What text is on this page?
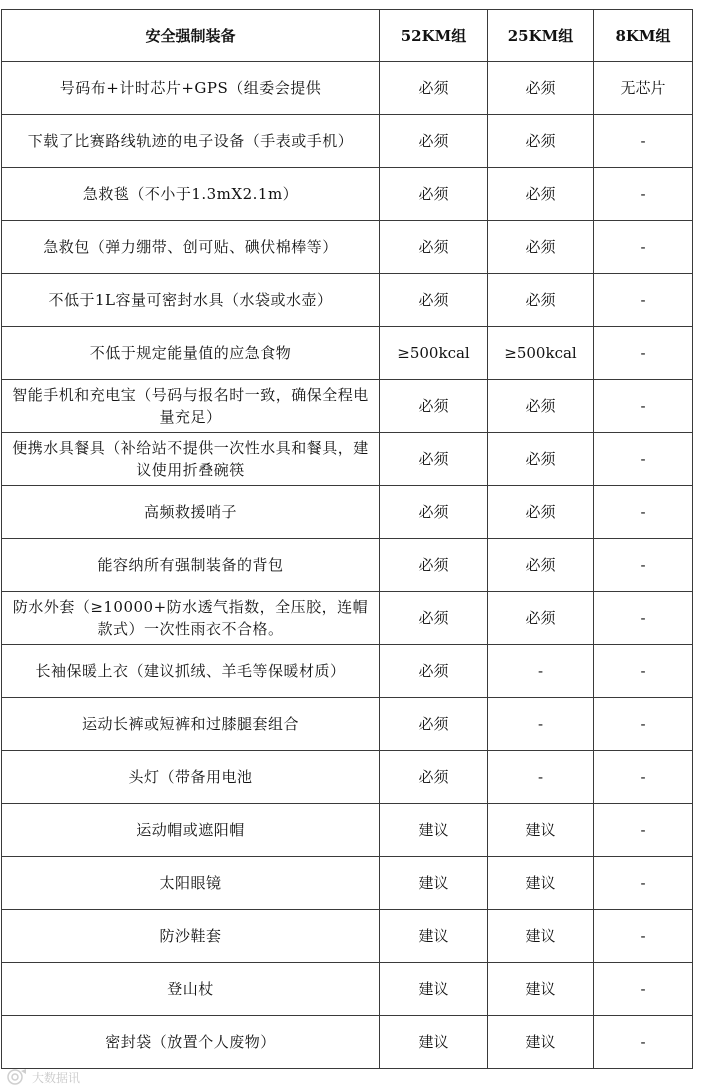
安全强制装备	52KM组	25KM组	8KM组
号码布+计时芯片+GPS（组委会提供	必须	必须	无芯片
下载了比赛路线轨迹的电子设备（手表或手机）	必须	必须	-
急救毯（不小于1.3mX2.1m）	必须	必须	-
急救包（弹力绷带、创可贴、碘伏棉棒等）	必须	必须	-
不低于1L容量可密封水具（水袋或水壶）	必须	必须	-
不低于规定能量值的应急食物	≥500kcal	≥500kcal	-
智能手机和充电宝（号码与报名时一致，确保全程电量充足）	必须	必须	-
便携水具餐具（补给站不提供一次性水具和餐具，建议使用折叠碗筷	必须	必须	-
高频救援哨子	必须	必须	-
能容纳所有强制装备的背包	必须	必须	-
防水外套（≥10000+防水透气指数，全压胶，连帽款式）一次性雨衣不合格。	必须	必须	-
长袖保暖上衣（建议抓绒、羊毛等保暖材质）	必须	-	-
运动长裤或短裤和过膝腿套组合	必须	-	-
头灯（带备用电池	必须	-	-
运动帽或遮阳帽	建议	建议	-
太阳眼镜	建议	建议	-
防沙鞋套	建议	建议	-
登山杖	建议	建议	-
密封袋（放置个人废物）	建议	建议	-
大数据讯
